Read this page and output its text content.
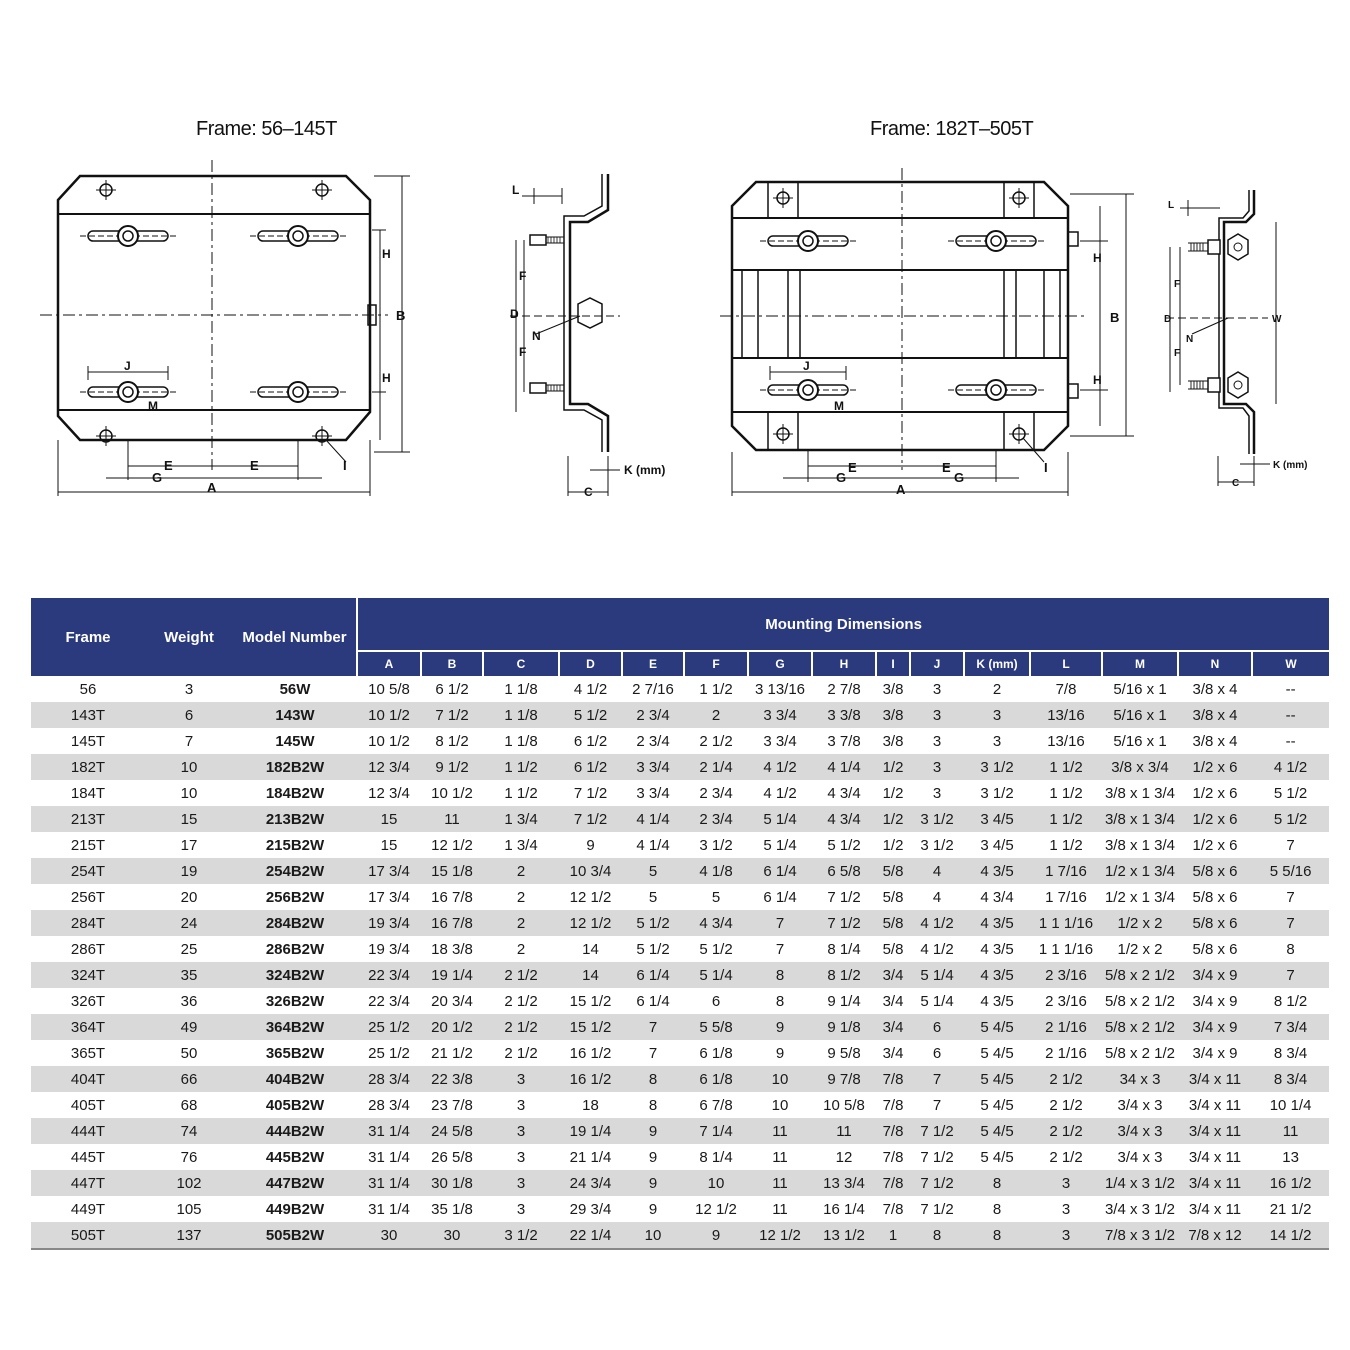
Frame: 56–145T	Frame: 182T–505T
H
H
B
A
E	E
G
J
M
I
L
F
F
D
N
C
K (mm)
H
H
B
A
E	E
G	G
J
M
I
L
F
F
D
N
W
C
K (mm)
Frame	Weight	Model Number	Mounting Dimensions														
			A	B	C	D	E	F	G	H	I	J	K (mm)	L	M	N	W
56	3	56W	10 5/8	6 1/2	1 1/8	4 1/2	2 7/16	1 1/2	3 13/16	2 7/8	3/8	3	2	7/8	5/16 x 1	3/8 x 4	--
143T	6	143W	10 1/2	7 1/2	1 1/8	5 1/2	2 3/4	2	3 3/4	3 3/8	3/8	3	3	13/16	5/16 x 1	3/8 x 4	--
145T	7	145W	10 1/2	8 1/2	1 1/8	6 1/2	2 3/4	2 1/2	3 3/4	3 7/8	3/8	3	3	13/16	5/16 x 1	3/8 x 4	--
182T	10	182B2W	12 3/4	9 1/2	1 1/2	6 1/2	3 3/4	2 1/4	4 1/2	4 1/4	1/2	3	3 1/2	1 1/2	3/8 x 3/4	1/2 x 6	4 1/2
184T	10	184B2W	12 3/4	10 1/2	1 1/2	7 1/2	3 3/4	2 3/4	4 1/2	4 3/4	1/2	3	3 1/2	1 1/2	3/8 x 1 3/4	1/2 x 6	5 1/2
213T	15	213B2W	15	11	1 3/4	7 1/2	4 1/4	2 3/4	5 1/4	4 3/4	1/2	3 1/2	3 4/5	1 1/2	3/8 x 1 3/4	1/2 x 6	5 1/2
215T	17	215B2W	15	12 1/2	1 3/4	9	4 1/4	3 1/2	5 1/4	5 1/2	1/2	3 1/2	3 4/5	1 1/2	3/8 x 1 3/4	1/2 x 6	7
254T	19	254B2W	17 3/4	15 1/8	2	10 3/4	5	4 1/8	6 1/4	6 5/8	5/8	4	4 3/5	1 7/16	1/2 x 1 3/4	5/8 x 6	5 5/16
256T	20	256B2W	17 3/4	16 7/8	2	12 1/2	5	5	6 1/4	7 1/2	5/8	4	4 3/4	1 7/16	1/2 x 1 3/4	5/8 x 6	7
284T	24	284B2W	19 3/4	16 7/8	2	12 1/2	5 1/2	4 3/4	7	7 1/2	5/8	4 1/2	4 3/5	1 1 1/16	1/2 x 2	5/8 x 6	7
286T	25	286B2W	19 3/4	18 3/8	2	14	5 1/2	5 1/2	7	8 1/4	5/8	4 1/2	4 3/5	1 1 1/16	1/2 x 2	5/8 x 6	8
324T	35	324B2W	22 3/4	19 1/4	2 1/2	14	6 1/4	5 1/4	8	8 1/2	3/4	5 1/4	4 3/5	2 3/16	5/8 x 2 1/2	3/4 x 9	7
326T	36	326B2W	22 3/4	20 3/4	2 1/2	15 1/2	6 1/4	6	8	9 1/4	3/4	5 1/4	4 3/5	2 3/16	5/8 x 2 1/2	3/4 x 9	8 1/2
364T	49	364B2W	25 1/2	20 1/2	2 1/2	15 1/2	7	5 5/8	9	9 1/8	3/4	6	5 4/5	2 1/16	5/8 x 2 1/2	3/4 x 9	7 3/4
365T	50	365B2W	25 1/2	21 1/2	2 1/2	16 1/2	7	6 1/8	9	9 5/8	3/4	6	5 4/5	2 1/16	5/8 x 2 1/2	3/4 x 9	8 3/4
404T	66	404B2W	28 3/4	22 3/8	3	16 1/2	8	6 1/8	10	9 7/8	7/8	7	5 4/5	2 1/2	34 x 3	3/4 x 11	8 3/4
405T	68	405B2W	28 3/4	23 7/8	3	18	8	6 7/8	10	10 5/8	7/8	7	5 4/5	2 1/2	3/4 x 3	3/4 x 11	10 1/4
444T	74	444B2W	31 1/4	24 5/8	3	19 1/4	9	7 1/4	11	11	7/8	7 1/2	5 4/5	2 1/2	3/4 x 3	3/4 x 11	11
445T	76	445B2W	31 1/4	26 5/8	3	21 1/4	9	8 1/4	11	12	7/8	7 1/2	5 4/5	2 1/2	3/4 x 3	3/4 x 11	13
447T	102	447B2W	31 1/4	30 1/8	3	24 3/4	9	10	11	13 3/4	7/8	7 1/2	8	3	1/4 x 3 1/2	3/4 x 11	16 1/2
449T	105	449B2W	31 1/4	35 1/8	3	29 3/4	9	12 1/2	11	16 1/4	7/8	7 1/2	8	3	3/4 x 3 1/2	3/4 x 11	21 1/2
505T	137	505B2W	30	30	3 1/2	22 1/4	10	9	12 1/2	13 1/2	1	8	8	3	7/8 x 3 1/2	7/8 x 12	14 1/2
